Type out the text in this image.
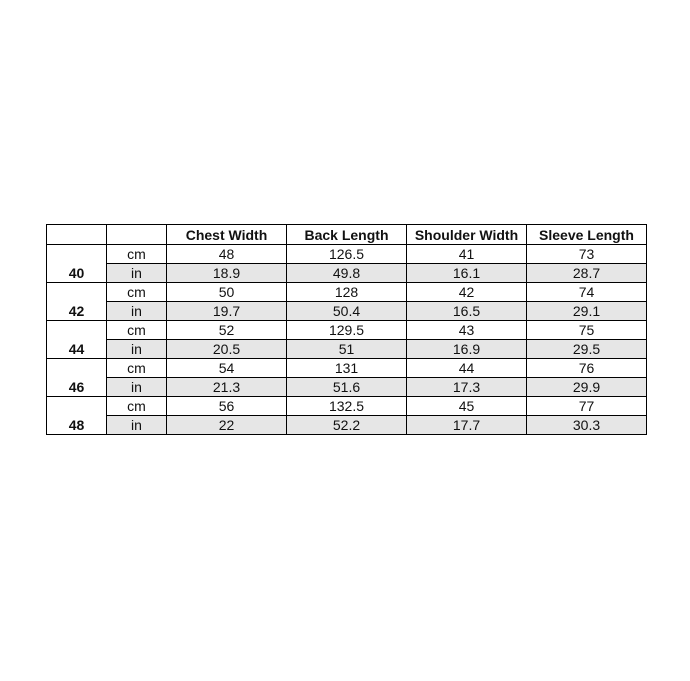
		Chest Width	Back Length	Shoulder Width	Sleeve Length

40	cm	48	126.5	41	73
	in	18.9	49.8	16.1	28.7

42	cm	50	128	42	74
	in	19.7	50.4	16.5	29.1

44	cm	52	129.5	43	75
	in	20.5	51	16.9	29.5

46	cm	54	131	44	76
	in	21.3	51.6	17.3	29.9

48	cm	56	132.5	45	77
	in	22	52.2	17.7	30.3
